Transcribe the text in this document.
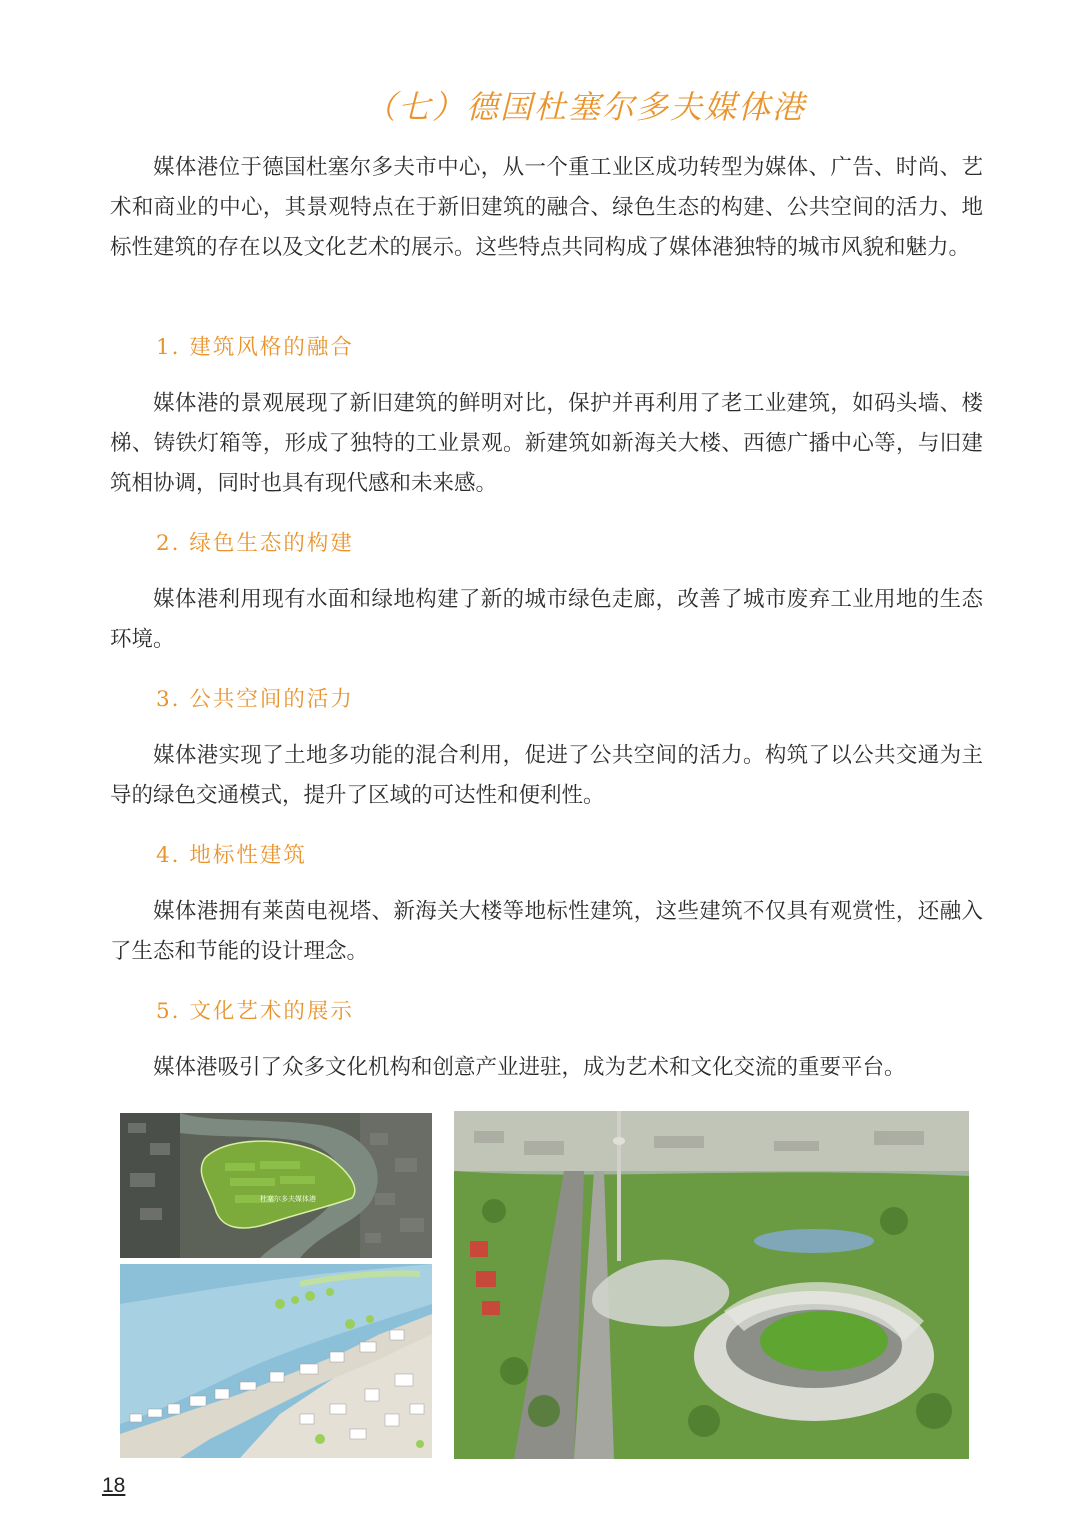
（七）德国杜塞尔多夫媒体港

媒体港位于德国杜塞尔多夫市中心，从一个重工业区成功转型为媒体、广告、时尚、艺术和商业的中心，其景观特点在于新旧建筑的融合、绿色生态的构建、公共空间的活力、地标性建筑的存在以及文化艺术的展示。这些特点共同构成了媒体港独特的城市风貌和魅力。

1. 建筑风格的融合

媒体港的景观展现了新旧建筑的鲜明对比，保护并再利用了老工业建筑，如码头墙、楼梯、铸铁灯箱等，形成了独特的工业景观。新建筑如新海关大楼、西德广播中心等，与旧建筑相协调，同时也具有现代感和未来感。

2. 绿色生态的构建

媒体港利用现有水面和绿地构建了新的城市绿色走廊，改善了城市废弃工业用地的生态环境。

3. 公共空间的活力

媒体港实现了土地多功能的混合利用，促进了公共空间的活力。构筑了以公共交通为主导的绿色交通模式，提升了区域的可达性和便利性。

4. 地标性建筑

媒体港拥有莱茵电视塔、新海关大楼等地标性建筑，这些建筑不仅具有观赏性，还融入了生态和节能的设计理念。

5. 文化艺术的展示

媒体港吸引了众多文化机构和创意产业进驻，成为艺术和文化交流的重要平台。

杜塞尔多夫媒体港
18
